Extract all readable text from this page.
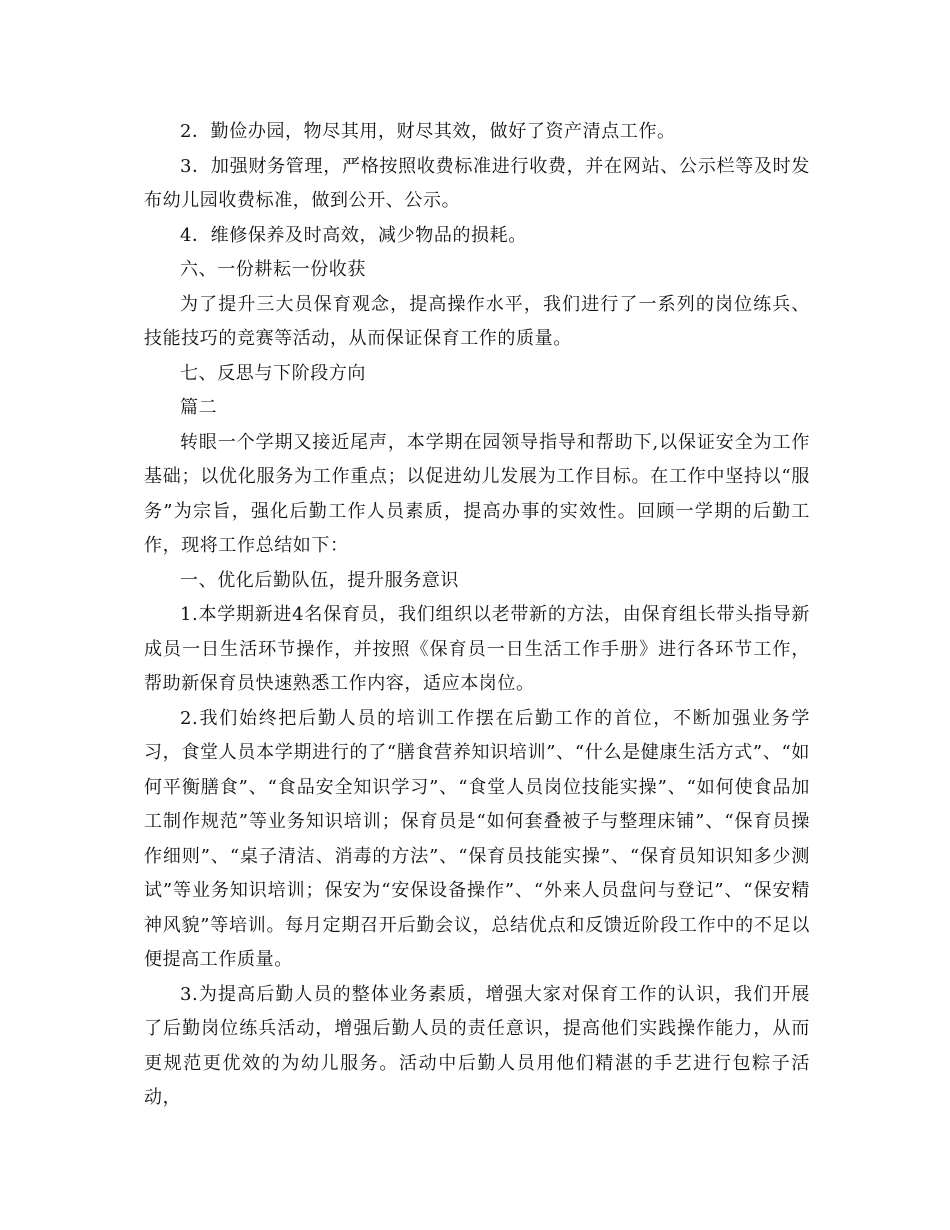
2．勤俭办园，物尽其用，财尽其效，做好了资产清点工作。

3．加强财务管理，严格按照收费标准进行收费，并在网站、公示栏等及时发布幼儿园收费标准，做到公开、公示。

4．维修保养及时高效，减少物品的损耗。

六、一份耕耘一份收获

为了提升三大员保育观念，提高操作水平，我们进行了一系列的岗位练兵、技能技巧的竞赛等活动，从而保证保育工作的质量。

七、反思与下阶段方向

篇二

转眼一个学期又接近尾声，本学期在园领导指导和帮助下,以保证安全为工作基础；以优化服务为工作重点；以促进幼儿发展为工作目标。在工作中坚持以“服务”为宗旨，强化后勤工作人员素质，提高办事的实效性。回顾一学期的后勤工作，现将工作总结如下：

一、优化后勤队伍，提升服务意识

1.本学期新进4名保育员，我们组织以老带新的方法，由保育组长带头指导新成员一日生活环节操作，并按照《保育员一日生活工作手册》进行各环节工作，帮助新保育员快速熟悉工作内容，适应本岗位。

2.我们始终把后勤人员的培训工作摆在后勤工作的首位，不断加强业务学习，食堂人员本学期进行的了“膳食营养知识培训”、“什么是健康生活方式”、“如何平衡膳食”、“食品安全知识学习”、“食堂人员岗位技能实操”、“如何使食品加工制作规范”等业务知识培训；保育员是“如何套叠被子与整理床铺”、“保育员操作细则”、“桌子清洁、消毒的方法”、“保育员技能实操”、“保育员知识知多少测试”等业务知识培训；保安为“安保设备操作”、“外来人员盘问与登记”、“保安精神风貌”等培训。每月定期召开后勤会议，总结优点和反馈近阶段工作中的不足以便提高工作质量。

3.为提高后勤人员的整体业务素质，增强大家对保育工作的认识，我们开展了后勤岗位练兵活动，增强后勤人员的责任意识，提高他们实践操作能力，从而更规范更优效的为幼儿服务。活动中后勤人员用他们精湛的手艺进行包粽子活动，
